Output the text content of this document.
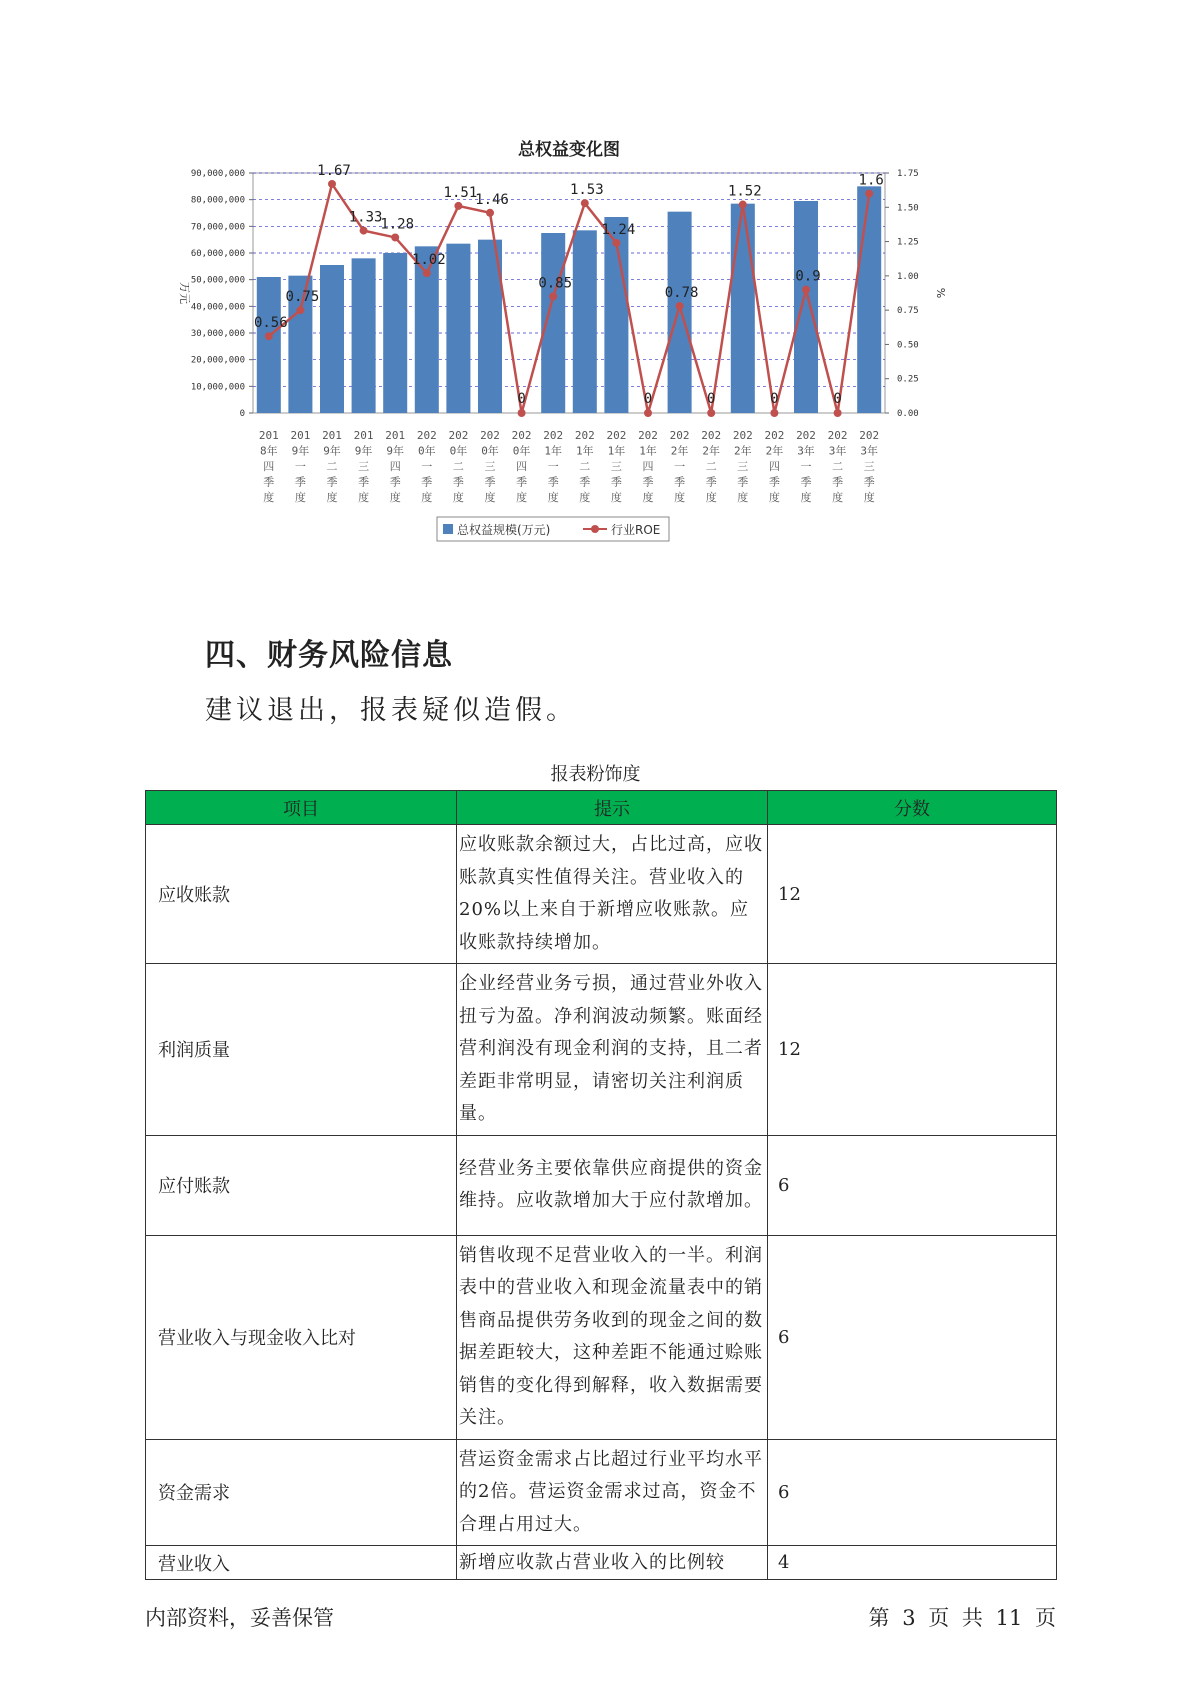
总权益变化图
0
10,000,000
20,000,000
30,000,000
40,000,000
50,000,000
60,000,000
70,000,000
80,000,000
90,000,000
0.00
0.25
0.50
0.75
1.00
1.25
1.50
1.75
万元	%
201 8年四季度
201 9年一季度
201 9年二季度
201 9年三季度
201 9年四季度
202 0年一季度
202 0年二季度
202 0年三季度
202 0年四季度
202 1年一季度
202 1年二季度
202 1年三季度
202 1年四季度
202 2年一季度
202 2年二季度
202 2年三季度
202 2年四季度
202 3年一季度
202 3年二季度
202 3年三季度
0.56
0.75
1.67
1.33
1.28
1.02
1.51
1.46
0
0.85
1.53
1.24
0
0.78
0
1.52
0
0.9
0
1.6
总权益规模(万元)	行业ROE
四、财务风险信息
建议退出，报表疑似造假。
报表粉饰度
项目	提示	分数
应收账款	应收账款余额过大，占比过高，应收账款真实性值得关注。营业收入的20%以上来自于新增应收账款。应收账款持续增加。	12
利润质量	企业经营业务亏损，通过营业外收入扭亏为盈。净利润波动频繁。账面经营利润没有现金利润的支持，且二者差距非常明显，请密切关注利润质量。	12
应付账款	经营业务主要依靠供应商提供的资金维持。应收款增加大于应付款增加。	6
营业收入与现金收入比对	销售收现不足营业收入的一半。利润表中的营业收入和现金流量表中的销售商品提供劳务收到的现金之间的数据差距较大，这种差距不能通过赊账销售的变化得到解释，收入数据需要关注。	6
资金需求	营运资金需求占比超过行业平均水平的2倍。营运资金需求过高，资金不合理占用过大。	6
营业收入	新增应收款占营业收入的比例较	4
内部资料，妥善保管	第 3 页 共 11 页
